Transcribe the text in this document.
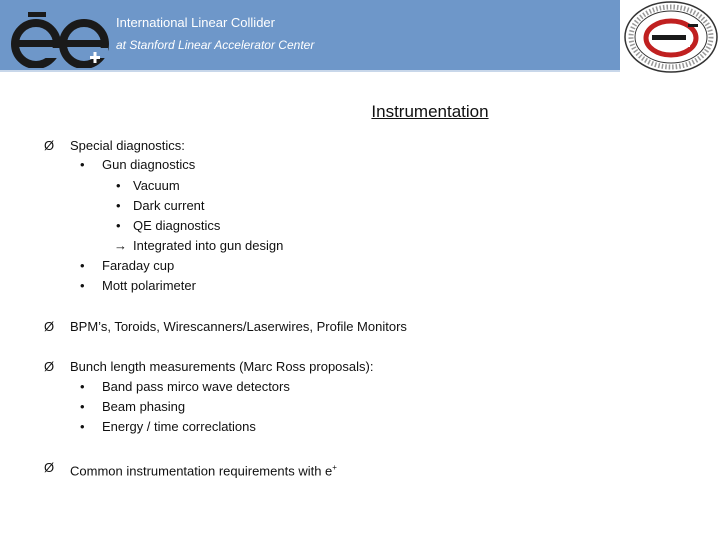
International Linear Collider
at Stanford Linear Accelerator Center
Instrumentation
Ø Special diagnostics:
• Gun diagnostics
• Vacuum
• Dark current
• QE diagnostics
→ Integrated into gun design
• Faraday cup
• Mott polarimeter
Ø BPM’s, Toroids, Wirescanners/Laserwires, Profile Monitors
Ø Bunch length measurements (Marc Ross proposals):
• Band pass mirco wave detectors
• Beam phasing
• Energy / time correclations
Ø Common instrumentation requirements with e+
